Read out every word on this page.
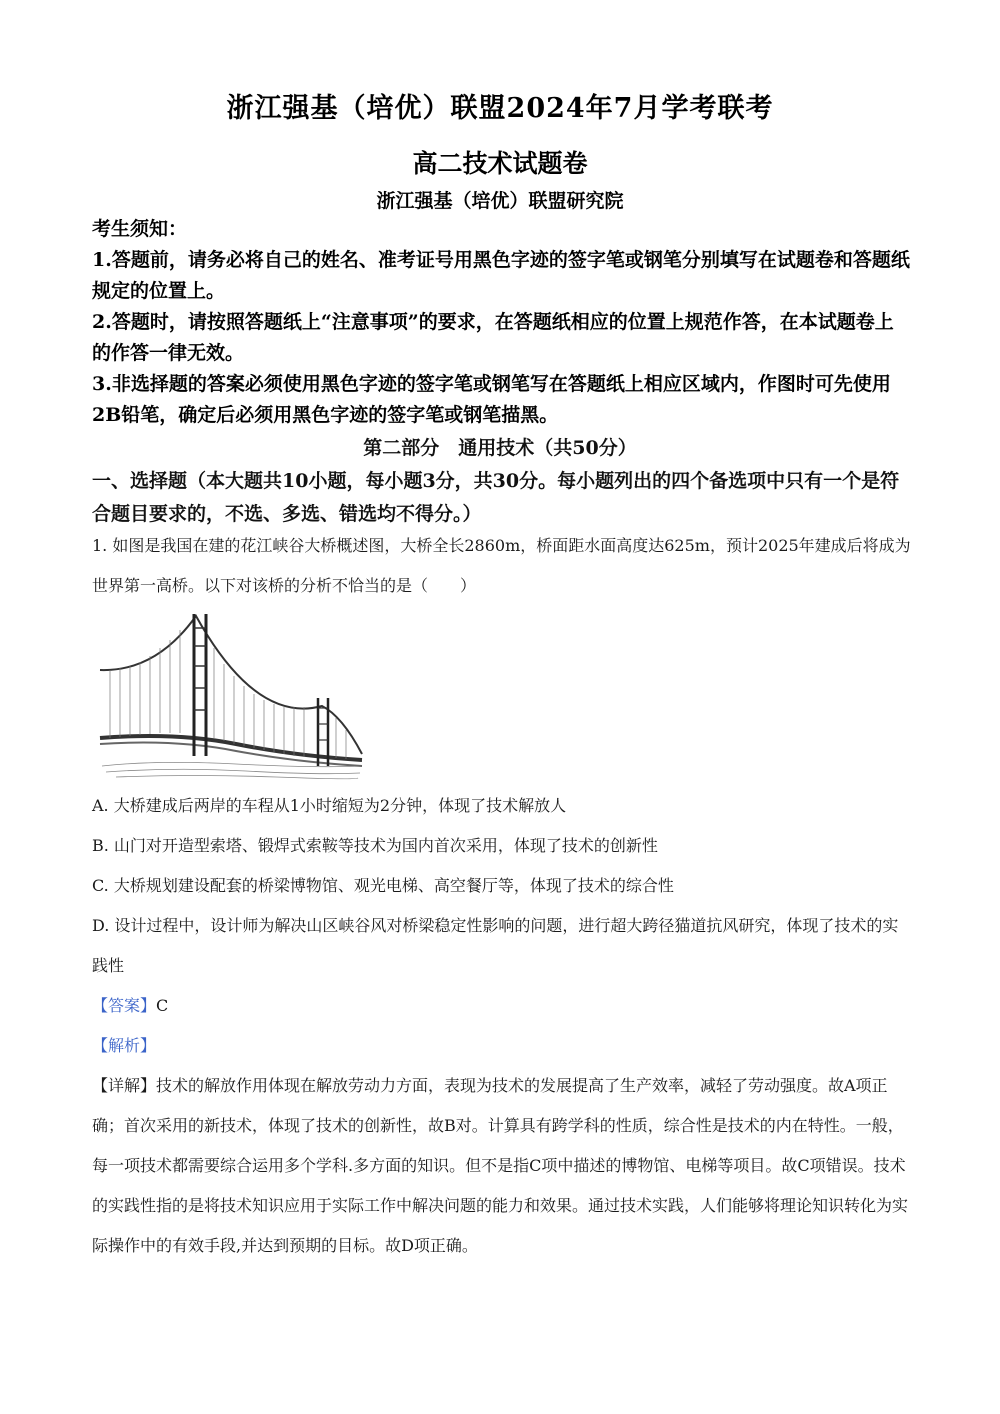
浙江强基（培优）联盟2024年7月学考联考
高二技术试题卷
浙江强基（培优）联盟研究院

考生须知：

1.答题前，请务必将自己的姓名、准考证号用黑色字迹的签字笔或钢笔分别填写在试题卷和答题纸规定的位置上。

2.答题时，请按照答题纸上“注意事项”的要求，在答题纸相应的位置上规范作答，在本试题卷上的作答一律无效。

3.非选择题的答案必须使用黑色字迹的签字笔或钢笔写在答题纸上相应区域内，作图时可先使用2B铅笔，确定后必须用黑色字迹的签字笔或钢笔描黑。

第二部分　通用技术（共50分）
一、选择题（本大题共10小题，每小题3分，共30分。每小题列出的四个备选项中只有一个是符合题目要求的，不选、多选、错选均不得分。）
1. 如图是我国在建的花江峡谷大桥概述图，大桥全长2860m，桥面距水面高度达625m，预计2025年建成后将成为世界第一高桥。以下对该桥的分析不恰当的是（　　）

A. 大桥建成后两岸的车程从1小时缩短为2分钟，体现了技术解放人

B. 山门对开造型索塔、锻焊式索鞍等技术为国内首次采用，体现了技术的创新性

C. 大桥规划建设配套的桥梁博物馆、观光电梯、高空餐厅等，体现了技术的综合性

D. 设计过程中，设计师为解决山区峡谷风对桥梁稳定性影响的问题，进行超大跨径猫道抗风研究，体现了技术的实践性

【答案】C

【解析】

【详解】技术的解放作用体现在解放劳动力方面，表现为技术的发展提高了生产效率，减轻了劳动强度。故A项正确；首次采用的新技术，体现了技术的创新性，故B对。计算具有跨学科的性质，综合性是技术的内在特性。一般，每一项技术都需要综合运用多个学科.多方面的知识。但不是指C项中描述的博物馆、电梯等项目。故C项错误。技术的实践性指的是将技术知识应用于实际工作中解决问题的能力和效果。通过技术实践，人们能够将理论知识转化为实际操作中的有效手段,并达到预期的目标。故D项正确。
